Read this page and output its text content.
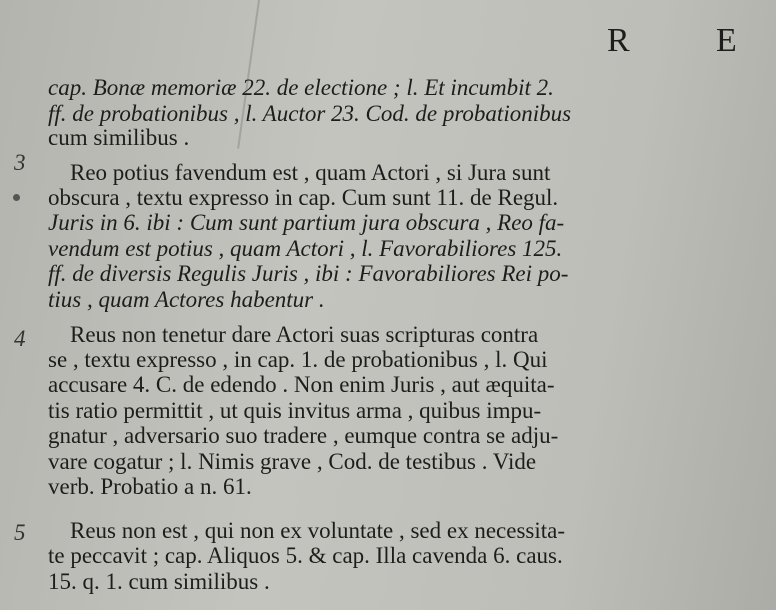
R E
3
4
5
cap. Bonæ memoriæ 22. de electione ; l. Et incumbit 2.
ff. de probationibus , l. Auctor 23. Cod. de probationibus
cum similibus .
Reo potius favendum est , quam Actori , si Jura sunt
obscura , textu expresso in cap. Cum sunt 11. de Regul.
Juris in 6. ibi : Cum sunt partium jura obscura , Reo fa-
vendum est potius , quam Actori , l. Favorabiliores 125.
ff. de diversis Regulis Juris , ibi : Favorabiliores Rei po-
tius , quam Actores habentur .
Reus non tenetur dare Actori suas scripturas contra
se , textu expresso , in cap. 1. de probationibus , l. Qui
accusare 4. C. de edendo . Non enim Juris , aut æquita-
tis ratio permittit , ut quis invitus arma , quibus impu-
gnatur , adversario suo tradere , eumque contra se adju-
vare cogatur ; l. Nimis grave , Cod. de testibus . Vide
verb. Probatio a n. 61.
Reus non est , qui non ex voluntate , sed ex necessita-
te peccavit ; cap. Aliquos 5. & cap. Illa cavenda 6. caus.
15. q. 1. cum similibus .
